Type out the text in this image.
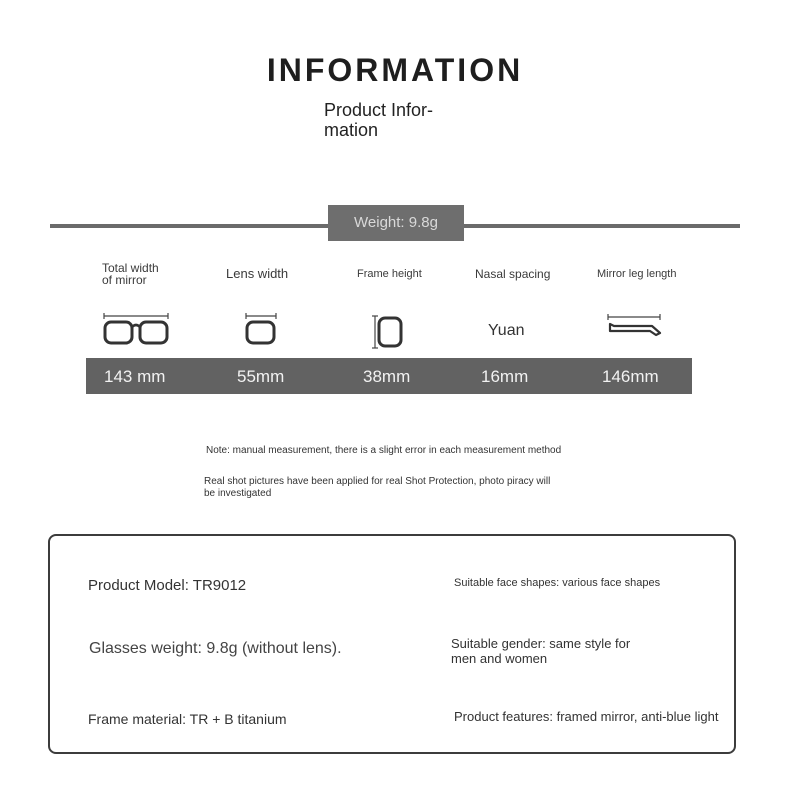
INFORMATION
Product Infor-
mation
Weight: 9.8g
Total width
of mirror	Lens width	Frame height	Nasal spacing	Mirror leg length
Yuan
143 mm	55mm	38mm	16mm	146mm
Note: manual measurement, there is a slight error in each measurement method
Real shot pictures have been applied for real Shot Protection, photo piracy will
be investigated
Product Model: TR9012
Glasses weight: 9.8g (without lens).
Frame material: TR + B titanium
Suitable face shapes: various face shapes
Suitable gender: same style for
men and women
Product features: framed mirror, anti-blue light
